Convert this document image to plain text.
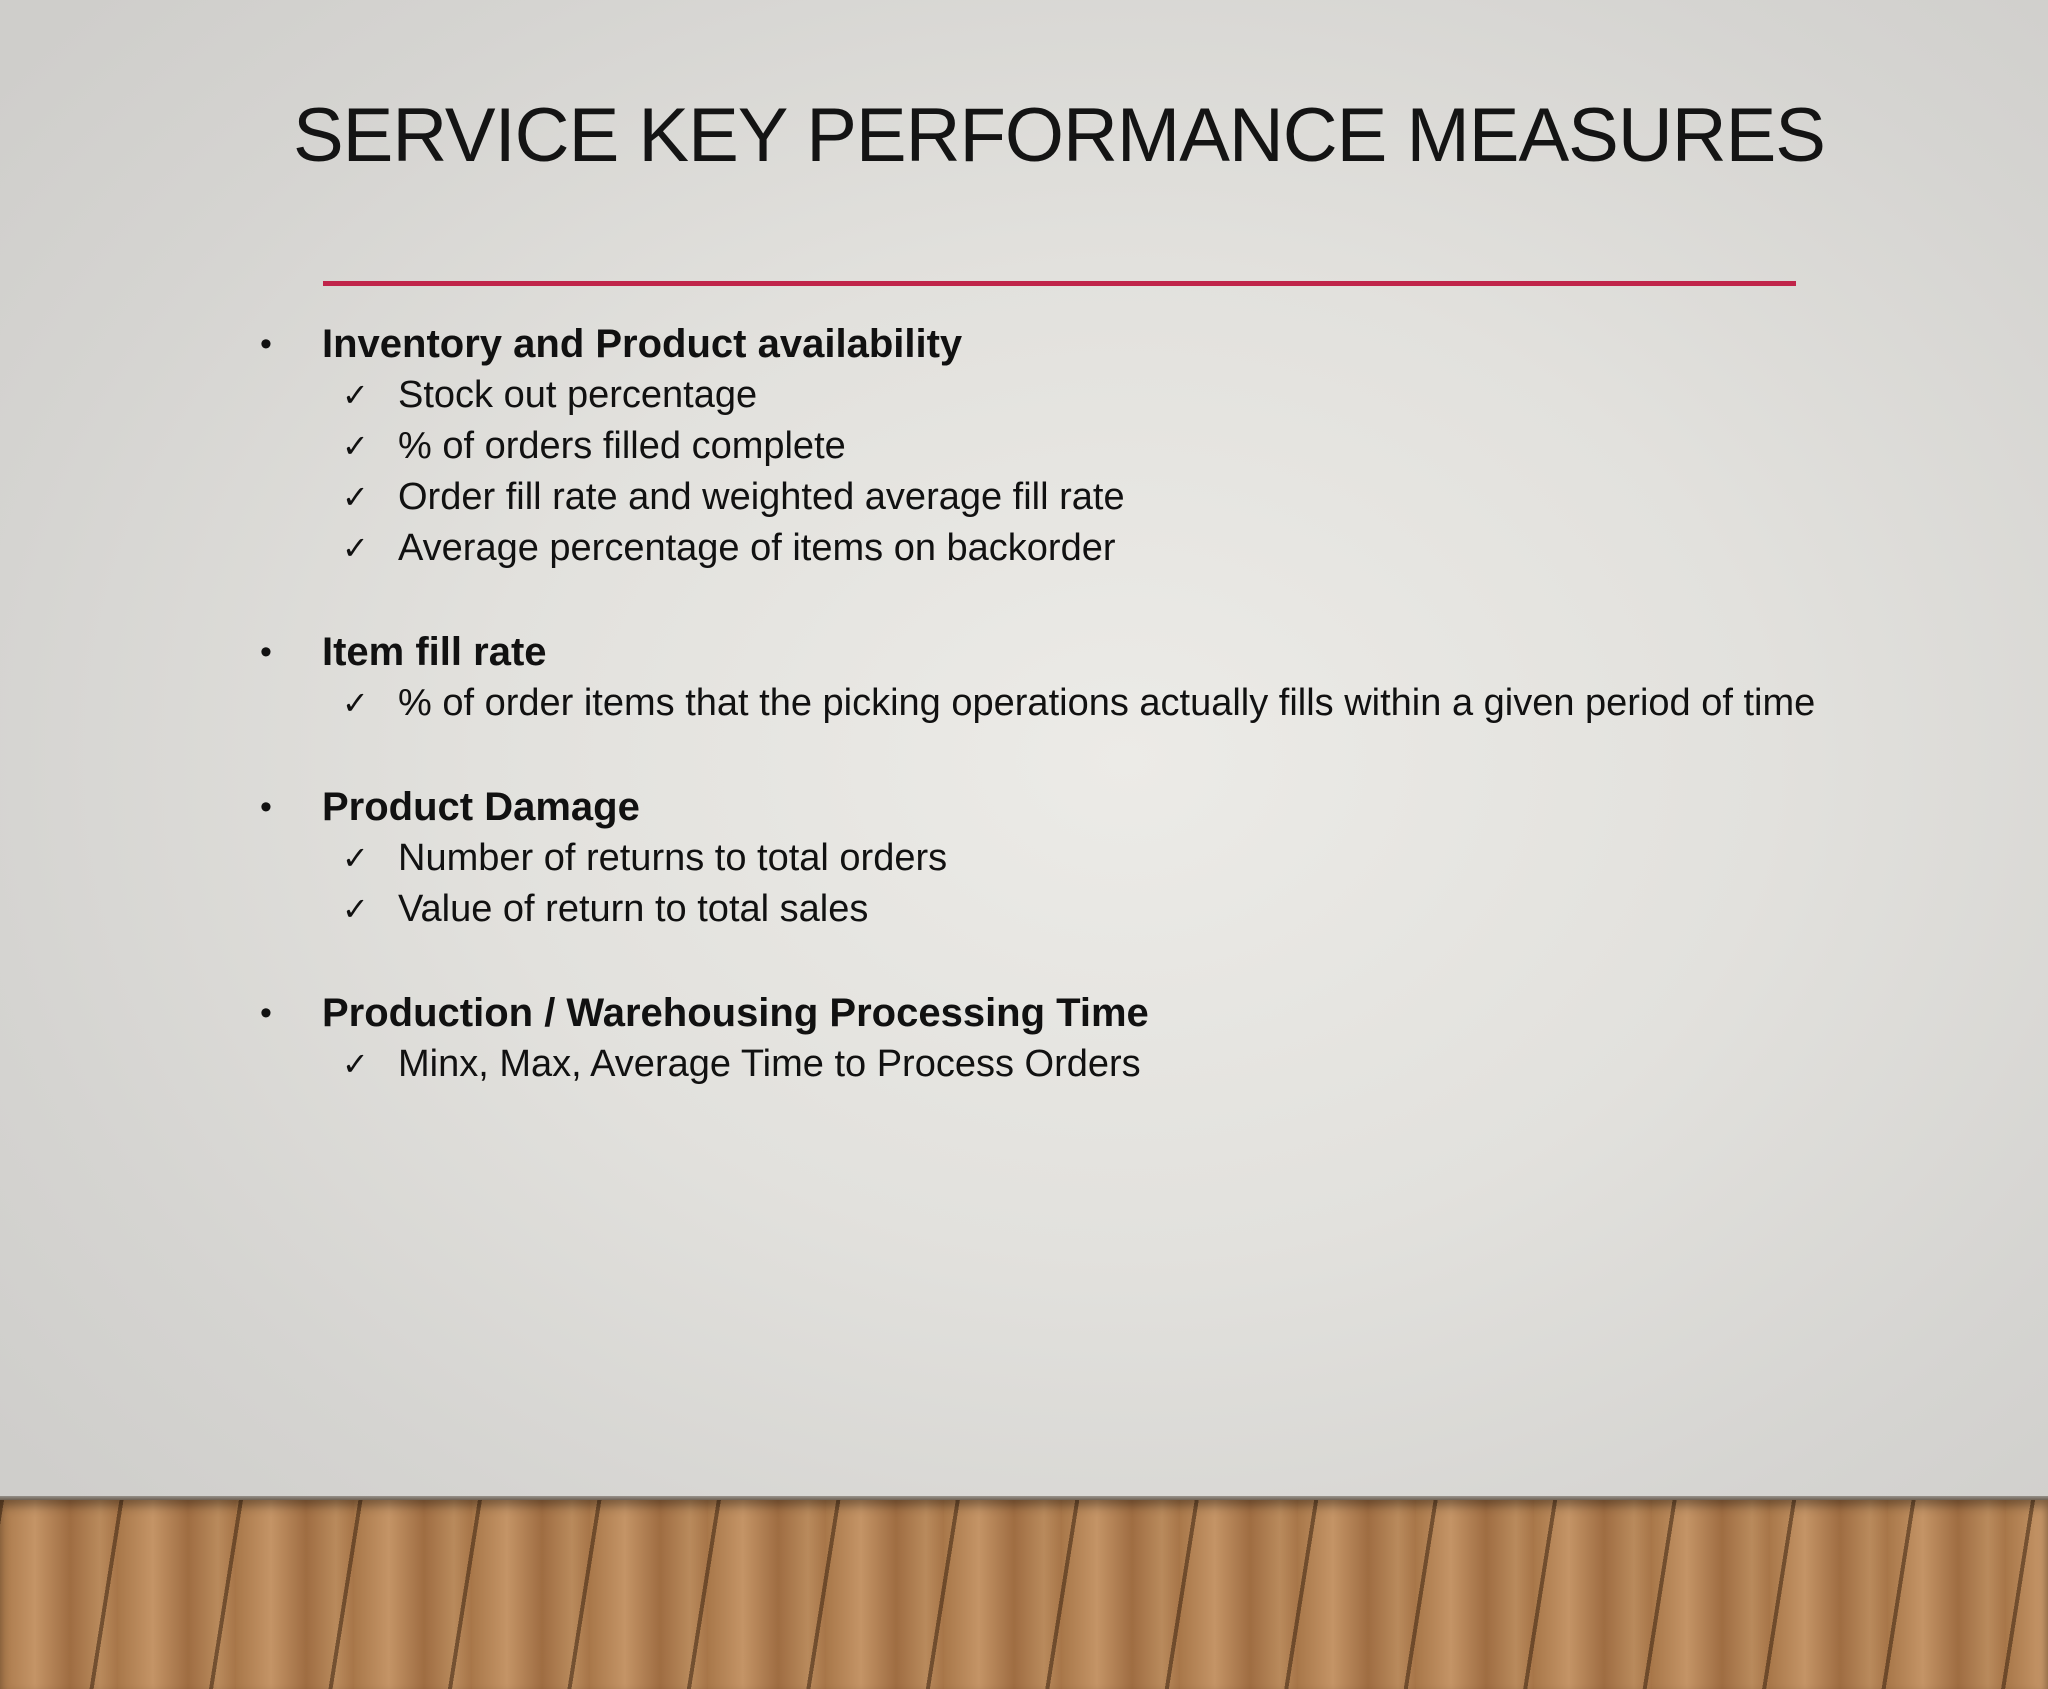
SERVICE KEY PERFORMANCE MEASURES
• Inventory and Product availability
✓ Stock out percentage
✓ % of orders filled complete
✓ Order fill rate and weighted average fill rate
✓ Average percentage of items on backorder
• Item fill rate
✓ % of order items that the picking operations actually fills within a given period of time
• Product Damage
✓ Number of returns to total orders
✓ Value of return to total sales
• Production / Warehousing Processing Time
✓ Minx, Max, Average Time to Process Orders
